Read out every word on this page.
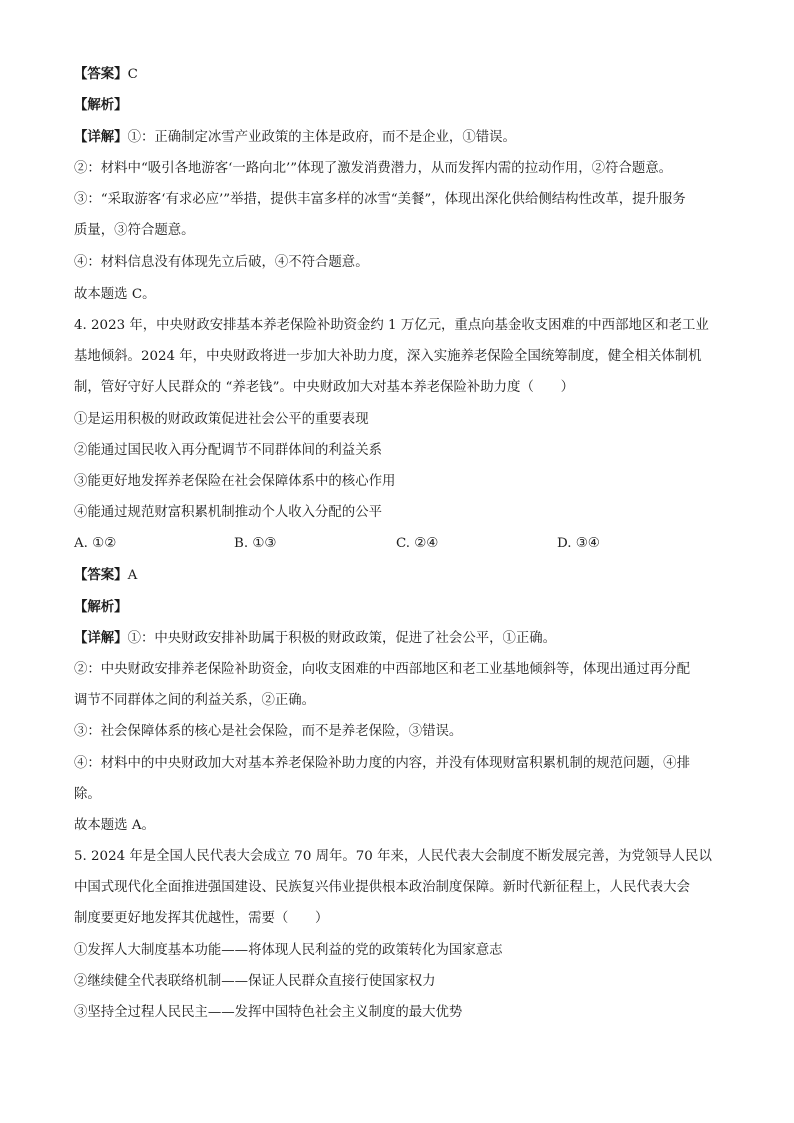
【答案】C
【解析】
【详解】①：正确制定冰雪产业政策的主体是政府，而不是企业，①错误。
②：材料中“吸引各地游客‘一路向北’”体现了激发消费潜力，从而发挥内需的拉动作用，②符合题意。
③：“采取游客‘有求必应’”举措，提供丰富多样的冰雪“美餐”，体现出深化供给侧结构性改革，提升服务
质量，③符合题意。
④：材料信息没有体现先立后破，④不符合题意。
故本题选 C。
4. 2023 年，中央财政安排基本养老保险补助资金约 1 万亿元，重点向基金收支困难的中西部地区和老工业
基地倾斜。2024 年，中央财政将进一步加大补助力度，深入实施养老保险全国统筹制度，健全相关体制机
制，管好守好人民群众的 “养老钱”。中央财政加大对基本养老保险补助力度（　　）
①是运用积极的财政政策促进社会公平的重要表现
②能通过国民收入再分配调节不同群体间的利益关系
③能更好地发挥养老保险在社会保障体系中的核心作用
④能通过规范财富积累机制推动个人收入分配的公平
A. ①②	B. ①③	C. ②④	D. ③④
【答案】A
【解析】
【详解】①：中央财政安排补助属于积极的财政政策，促进了社会公平，①正确。
②：中央财政安排养老保险补助资金，向收支困难的中西部地区和老工业基地倾斜等，体现出通过再分配
调节不同群体之间的利益关系，②正确。
③：社会保障体系的核心是社会保险，而不是养老保险，③错误。
④：材料中的中央财政加大对基本养老保险补助力度的内容，并没有体现财富积累机制的规范问题，④排
除。
故本题选 A。
5. 2024 年是全国人民代表大会成立 70 周年。70 年来，人民代表大会制度不断发展完善，为党领导人民以
中国式现代化全面推进强国建设、民族复兴伟业提供根本政治制度保障。新时代新征程上，人民代表大会
制度要更好地发挥其优越性，需要（　　）
①发挥人大制度基本功能——将体现人民利益的党的政策转化为国家意志
②继续健全代表联络机制——保证人民群众直接行使国家权力
③坚持全过程人民民主——发挥中国特色社会主义制度的最大优势
